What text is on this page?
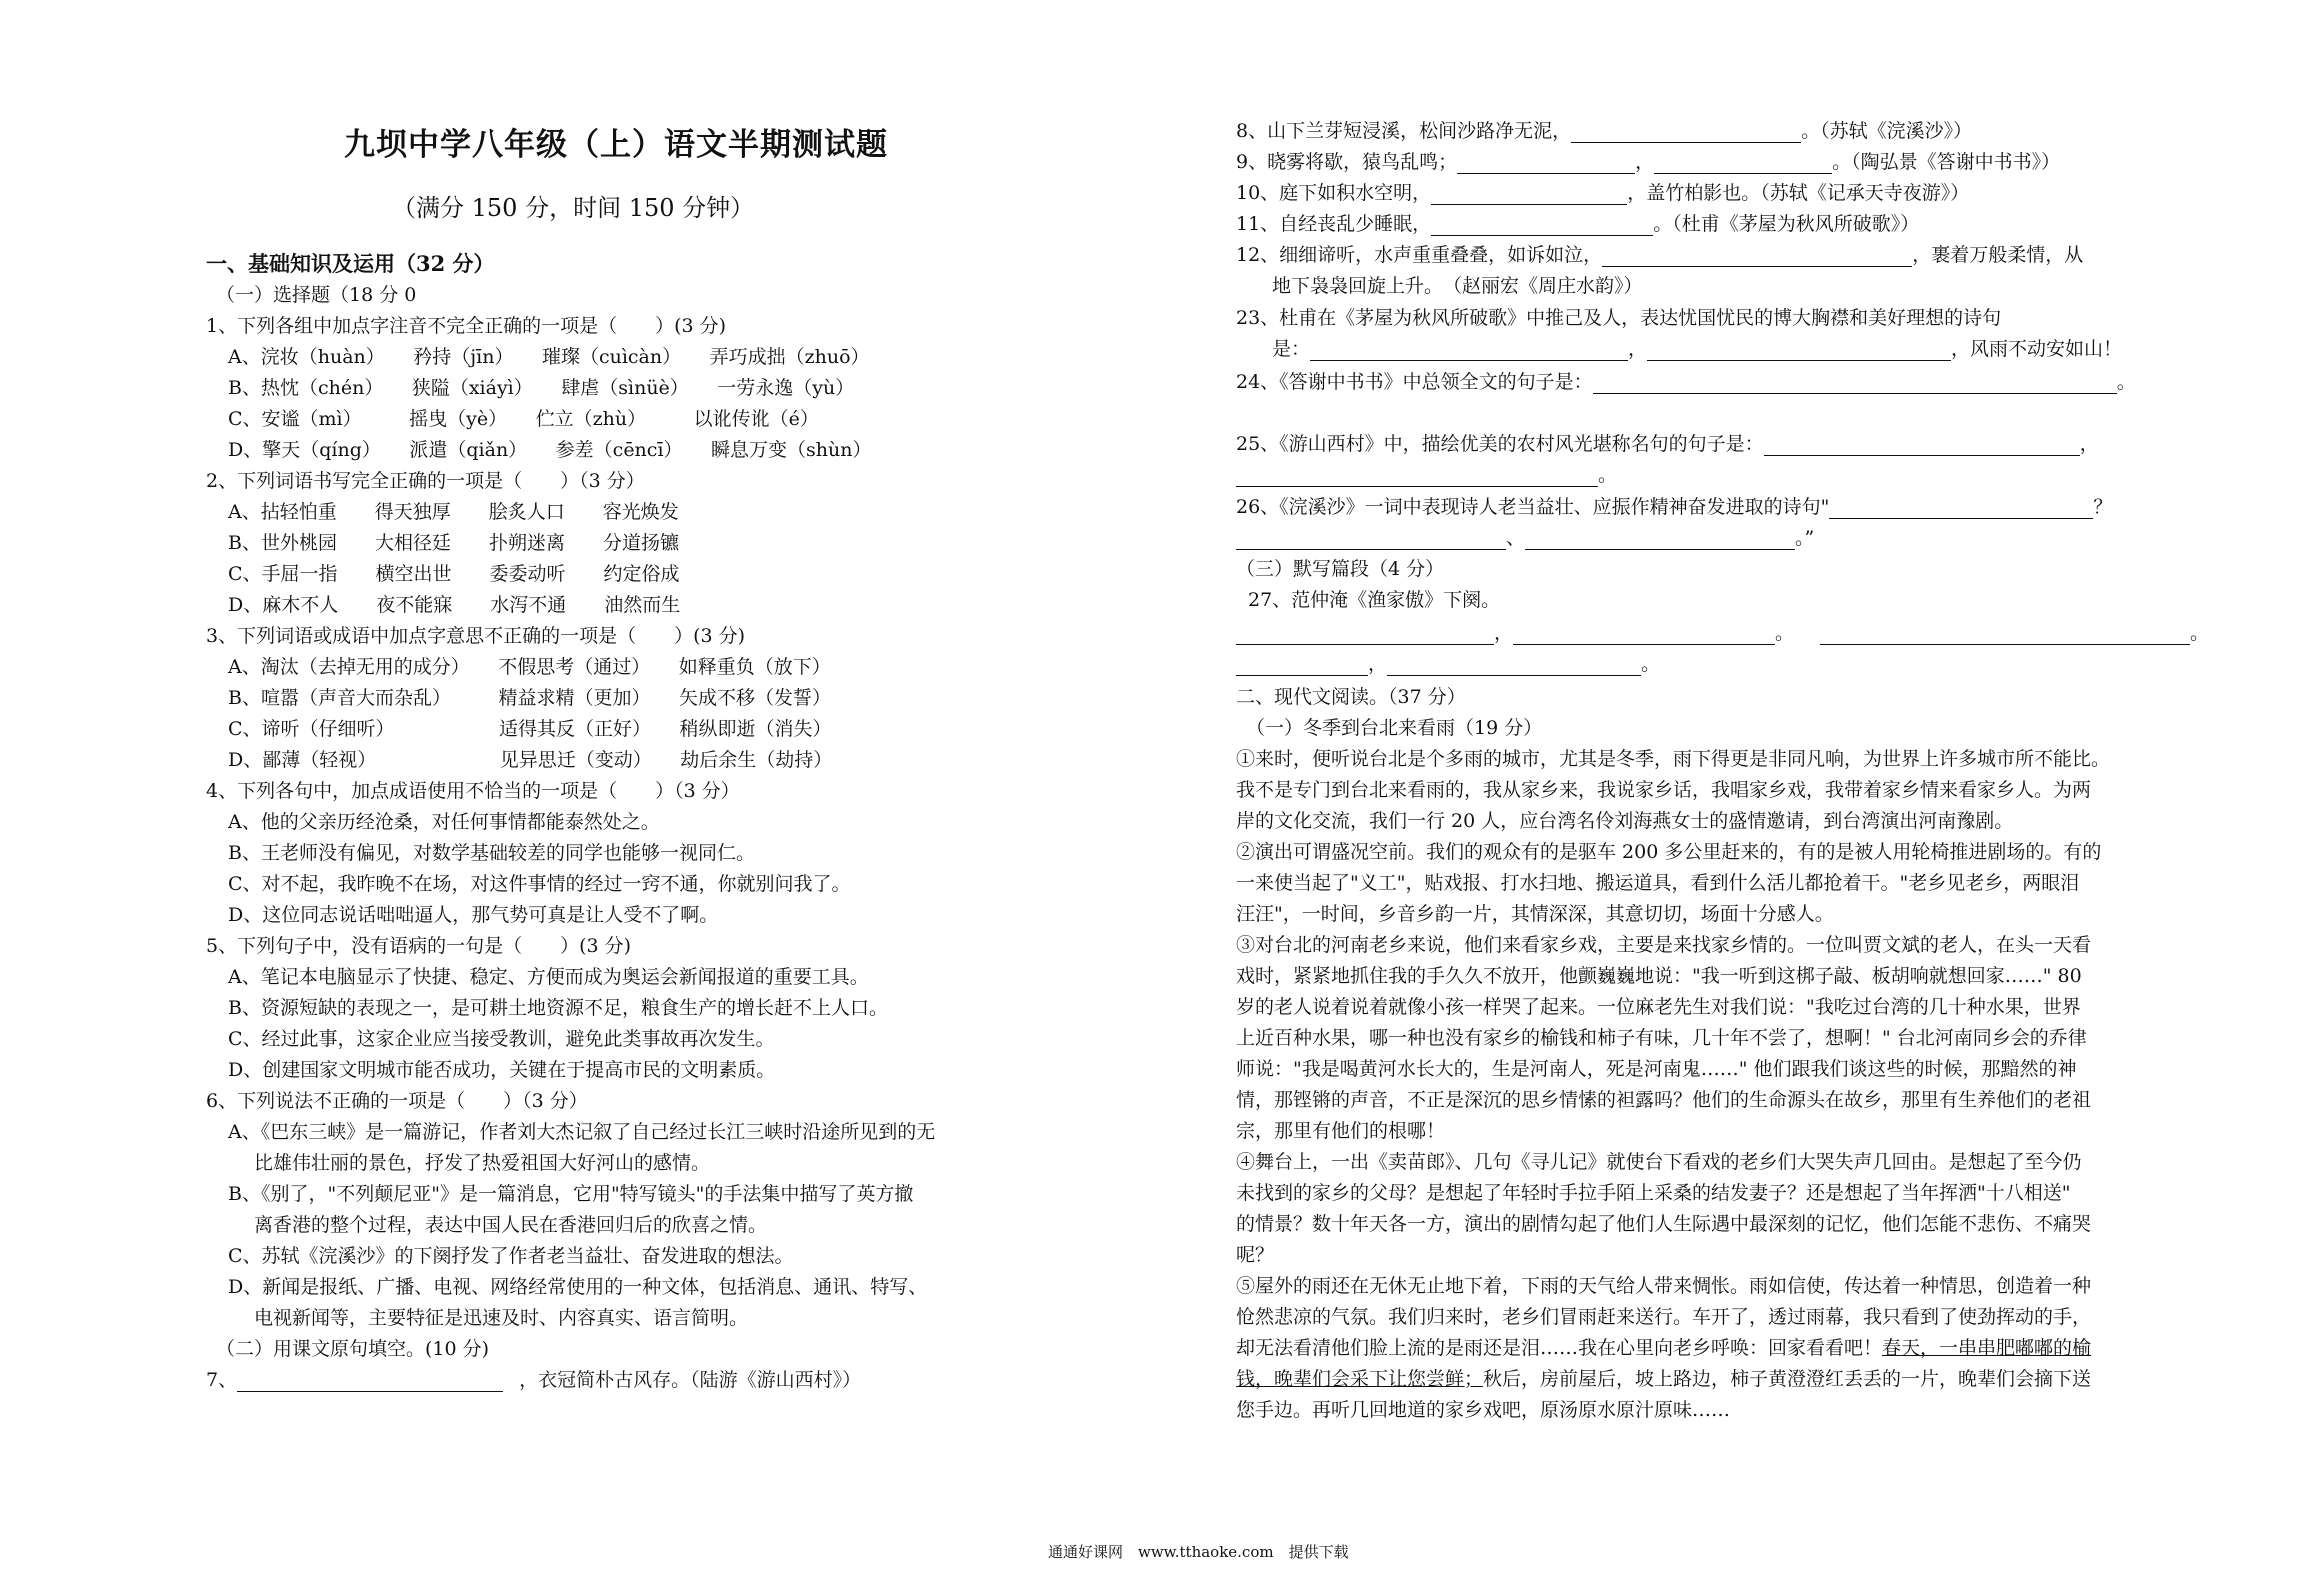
九坝中学八年级（上）语文半期测试题
（满分 150 分，时间 150 分钟）
一、基础知识及运用（32 分）
（一）选择题（18 分 0
1、下列各组中加点字注音不完全正确的一项是（　　）(3 分)
A、浣妆（huàn）　　矜持（jīn）　　璀璨（cuìcàn）　　弄巧成拙（zhuō）
B、热忱（chén）　　狭隘（xiáyì）　　肆虐（sìnüè）　　一劳永逸（yù）
C、安谧（mì）　　　摇曳（yè）　　伫立（zhù）　　　以讹传讹（é）
D、擎天（qíng）　　派遣（qiǎn）　　参差（cēncī）　　瞬息万变（shùn）
2、下列词语书写完全正确的一项是（　　）（3 分）
A、拈轻怕重　　得天独厚　　脍炙人口　　容光焕发
B、世外桃园　　大相径廷　　扑朔迷离　　分道扬镳
C、手屈一指　　横空出世　　委委动听　　约定俗成
D、麻木不人　　夜不能寐　　水泻不通　　油然而生
3、下列词语或成语中加点字意思不正确的一项是（　　）(3 分)
A、淘汰（去掉无用的成分）　　不假思考（通过）　　如释重负（放下）
B、喧嚣（声音大而杂乱）　　　精益求精（更加）　　矢成不移（发誓）
C、谛听（仔细听）　　　　　　适得其反（正好）　　稍纵即逝（消失）
D、鄙薄（轻视）　　　　　　　见异思迁（变动）　　劫后余生（劫持）
4、下列各句中，加点成语使用不恰当的一项是（　　）（3 分）
A、他的父亲历经沧桑，对任何事情都能泰然处之。
B、王老师没有偏见，对数学基础较差的同学也能够一视同仁。
C、对不起，我昨晚不在场，对这件事情的经过一窍不通，你就别问我了。
D、这位同志说话咄咄逼人，那气势可真是让人受不了啊。
5、下列句子中，没有语病的一句是（　　）(3 分)
A、笔记本电脑显示了快捷、稳定、方便而成为奥运会新闻报道的重要工具。
B、资源短缺的表现之一，是可耕土地资源不足，粮食生产的增长赶不上人口。
C、经过此事，这家企业应当接受教训，避免此类事故再次发生。
D、创建国家文明城市能否成功，关键在于提高市民的文明素质。
6、下列说法不正确的一项是（　　）（3 分）
A、《巴东三峡》是一篇游记，作者刘大杰记叙了自己经过长江三峡时沿途所见到的无
比雄伟壮丽的景色，抒发了热爱祖国大好河山的感情。
B、《别了，"不列颠尼亚"》是一篇消息，它用"特写镜头"的手法集中描写了英方撤
离香港的整个过程，表达中国人民在香港回归后的欣喜之情。
C、苏轼《浣溪沙》的下阕抒发了作者老当益壮、奋发进取的想法。
D、新闻是报纸、广播、电视、网络经常使用的一种文体，包括消息、通讯、特写、
电视新闻等，主要特征是迅速及时、内容真实、语言简明。
（二）用课文原句填空。(10 分)
7、	，衣冠简朴古风存。（陆游《游山西村》）
8、山下兰芽短浸溪，松间沙路净无泥，	。（苏轼《浣溪沙》）
9、晓雾将歇，猿鸟乱鸣；	，	。（陶弘景《答谢中书书》）
10、庭下如积水空明，	，盖竹柏影也。（苏轼《记承天寺夜游》）
11、自经丧乱少睡眠，	。（杜甫《茅屋为秋风所破歌》）
12、细细谛听，水声重重叠叠，如诉如泣，	，裹着万般柔情，从
地下袅袅回旋上升。　（赵丽宏《周庄水韵》）
23、杜甫在《茅屋为秋风所破歌》中推己及人，表达忧国忧民的博大胸襟和美好理想的诗句
是：	，	，风雨不动安如山！
24、《答谢中书书》中总领全文的句子是：	。
25、《游山西村》中，描绘优美的农村风光堪称名句的句子是：	，
。
26、《浣溪沙》一词中表现诗人老当益壮、应振作精神奋发进取的诗句"	？
、	。”
（三）默写篇段（4 分）
27、范仲淹《渔家傲》下阕。
，	。	。
，	。
二、现代文阅读。（37 分）
（一）冬季到台北来看雨（19 分）
①来时，便听说台北是个多雨的城市，尤其是冬季，雨下得更是非同凡响，为世界上许多城市所不能比。
我不是专门到台北来看雨的，我从家乡来，我说家乡话，我唱家乡戏，我带着家乡情来看家乡人。为两
岸的文化交流，我们一行 20 人，应台湾名伶刘海燕女士的盛情邀请，到台湾演出河南豫剧。
②演出可谓盛况空前。我们的观众有的是驱车 200 多公里赶来的，有的是被人用轮椅推进剧场的。有的
一来使当起了"义工"，贴戏报、打水扫地、搬运道具，看到什么活儿都抢着干。"老乡见老乡，两眼泪
汪汪"，一时间，乡音乡韵一片，其情深深，其意切切，场面十分感人。
③对台北的河南老乡来说，他们来看家乡戏，主要是来找家乡情的。一位叫贾文斌的老人，在头一天看
戏时，紧紧地抓住我的手久久不放开，他颤巍巍地说："我一听到这梆子敲、板胡响就想回家……" 80
岁的老人说着说着就像小孩一样哭了起来。一位麻老先生对我们说："我吃过台湾的几十种水果，世界
上近百种水果，哪一种也没有家乡的榆钱和柿子有味，几十年不尝了，想啊！" 台北河南同乡会的乔律
师说："我是喝黄河水长大的，生是河南人，死是河南鬼……" 他们跟我们谈这些的时候，那黯然的神
情，那铿锵的声音，不正是深沉的思乡情愫的袒露吗？他们的生命源头在故乡，那里有生养他们的老祖
宗，那里有他们的根哪！
④舞台上，一出《卖苗郎》、几句《寻儿记》就使台下看戏的老乡们大哭失声几回由。是想起了至今仍
未找到的家乡的父母？是想起了年轻时手拉手陌上采桑的结发妻子？还是想起了当年挥洒"十八相送"
的情景？数十年天各一方，演出的剧情勾起了他们人生际遇中最深刻的记忆，他们怎能不悲伤、不痛哭
呢？
⑤屋外的雨还在无休无止地下着，下雨的天气给人带来惆怅。雨如信使，传达着一种情思，创造着一种
怆然悲凉的气氛。我们归来时，老乡们冒雨赶来送行。车开了，透过雨幕，我只看到了使劲挥动的手，
却无法看清他们脸上流的是雨还是泪……我在心里向老乡呼唤：回家看看吧！春天，一串串肥嘟嘟的榆
钱，晚辈们会采下让您尝鲜；秋后，房前屋后，坡上路边，柿子黄澄澄红丢丢的一片，晚辈们会摘下送
您手边。再听几回地道的家乡戏吧，原汤原水原汁原味……
通通好课网　www.tthaoke.com　提供下载
